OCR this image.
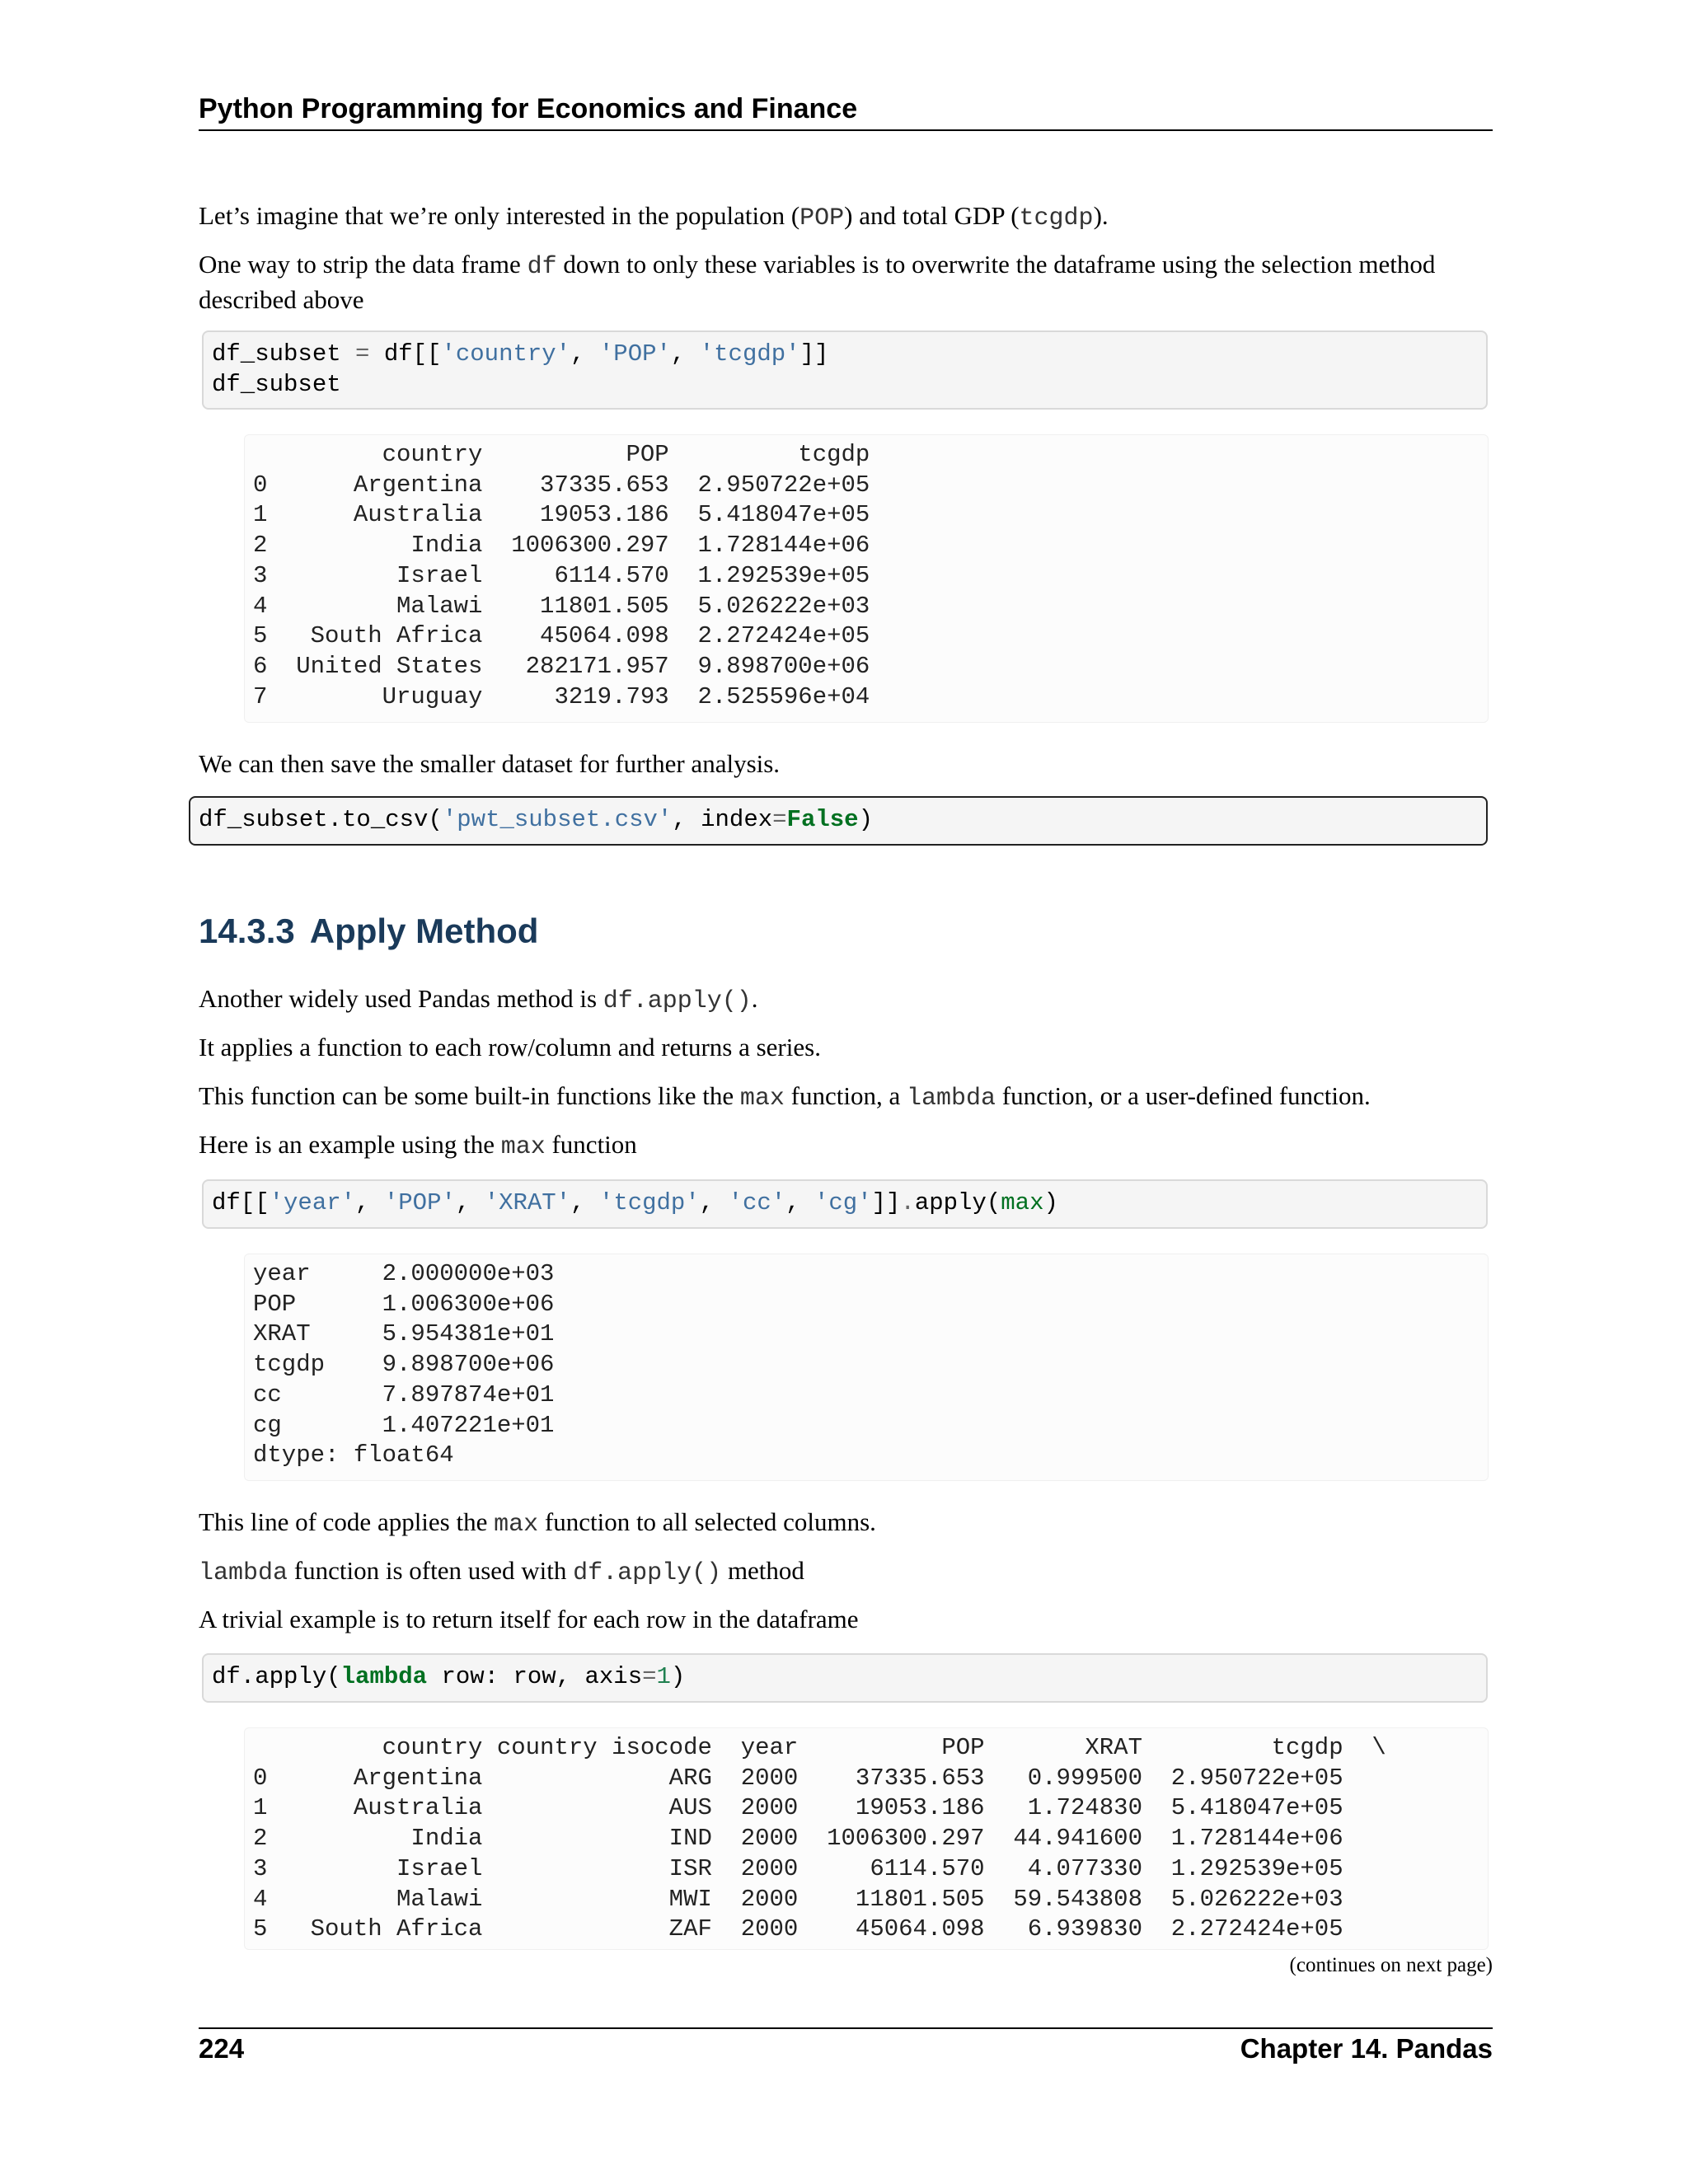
Python Programming for Economics and Finance

Let’s imagine that we’re only interested in the population (POP) and total GDP (tcgdp).

One way to strip the data frame df down to only these variables is to overwrite the dataframe using the selection method described above

df_subset = df[['country', 'POP', 'tcgdp']]
df_subset
country          POP         tcgdp
0      Argentina    37335.653  2.950722e+05
1      Australia    19053.186  5.418047e+05
2          India  1006300.297  1.728144e+06
3         Israel     6114.570  1.292539e+05
4         Malawi    11801.505  5.026222e+03
5   South Africa    45064.098  2.272424e+05
6  United States   282171.957  9.898700e+06
7        Uruguay     3219.793  2.525596e+04

We can then save the smaller dataset for further analysis.

df_subset.to_csv('pwt_subset.csv', index=False)
14.3.3 Apply Method

Another widely used Pandas method is df.apply().

It applies a function to each row/column and returns a series.

This function can be some built-in functions like the max function, a lambda function, or a user-defined function.

Here is an example using the max function

df[['year', 'POP', 'XRAT', 'tcgdp', 'cc', 'cg']].apply(max)
year     2.000000e+03
POP      1.006300e+06
XRAT     5.954381e+01
tcgdp    9.898700e+06
cc       7.897874e+01
cg       1.407221e+01
dtype: float64

This line of code applies the max function to all selected columns.

lambda function is often used with df.apply() method

A trivial example is to return itself for each row in the dataframe

df.apply(lambda row: row, axis=1)
country country isocode  year          POP       XRAT         tcgdp  \
0      Argentina             ARG  2000    37335.653   0.999500  2.950722e+05
1      Australia             AUS  2000    19053.186   1.724830  5.418047e+05
2          India             IND  2000  1006300.297  44.941600  1.728144e+06
3         Israel             ISR  2000     6114.570   4.077330  1.292539e+05
4         Malawi             MWI  2000    11801.505  59.543808  5.026222e+03
5   South Africa             ZAF  2000    45064.098   6.939830  2.272424e+05
(continues on next page)
224	Chapter 14. Pandas
